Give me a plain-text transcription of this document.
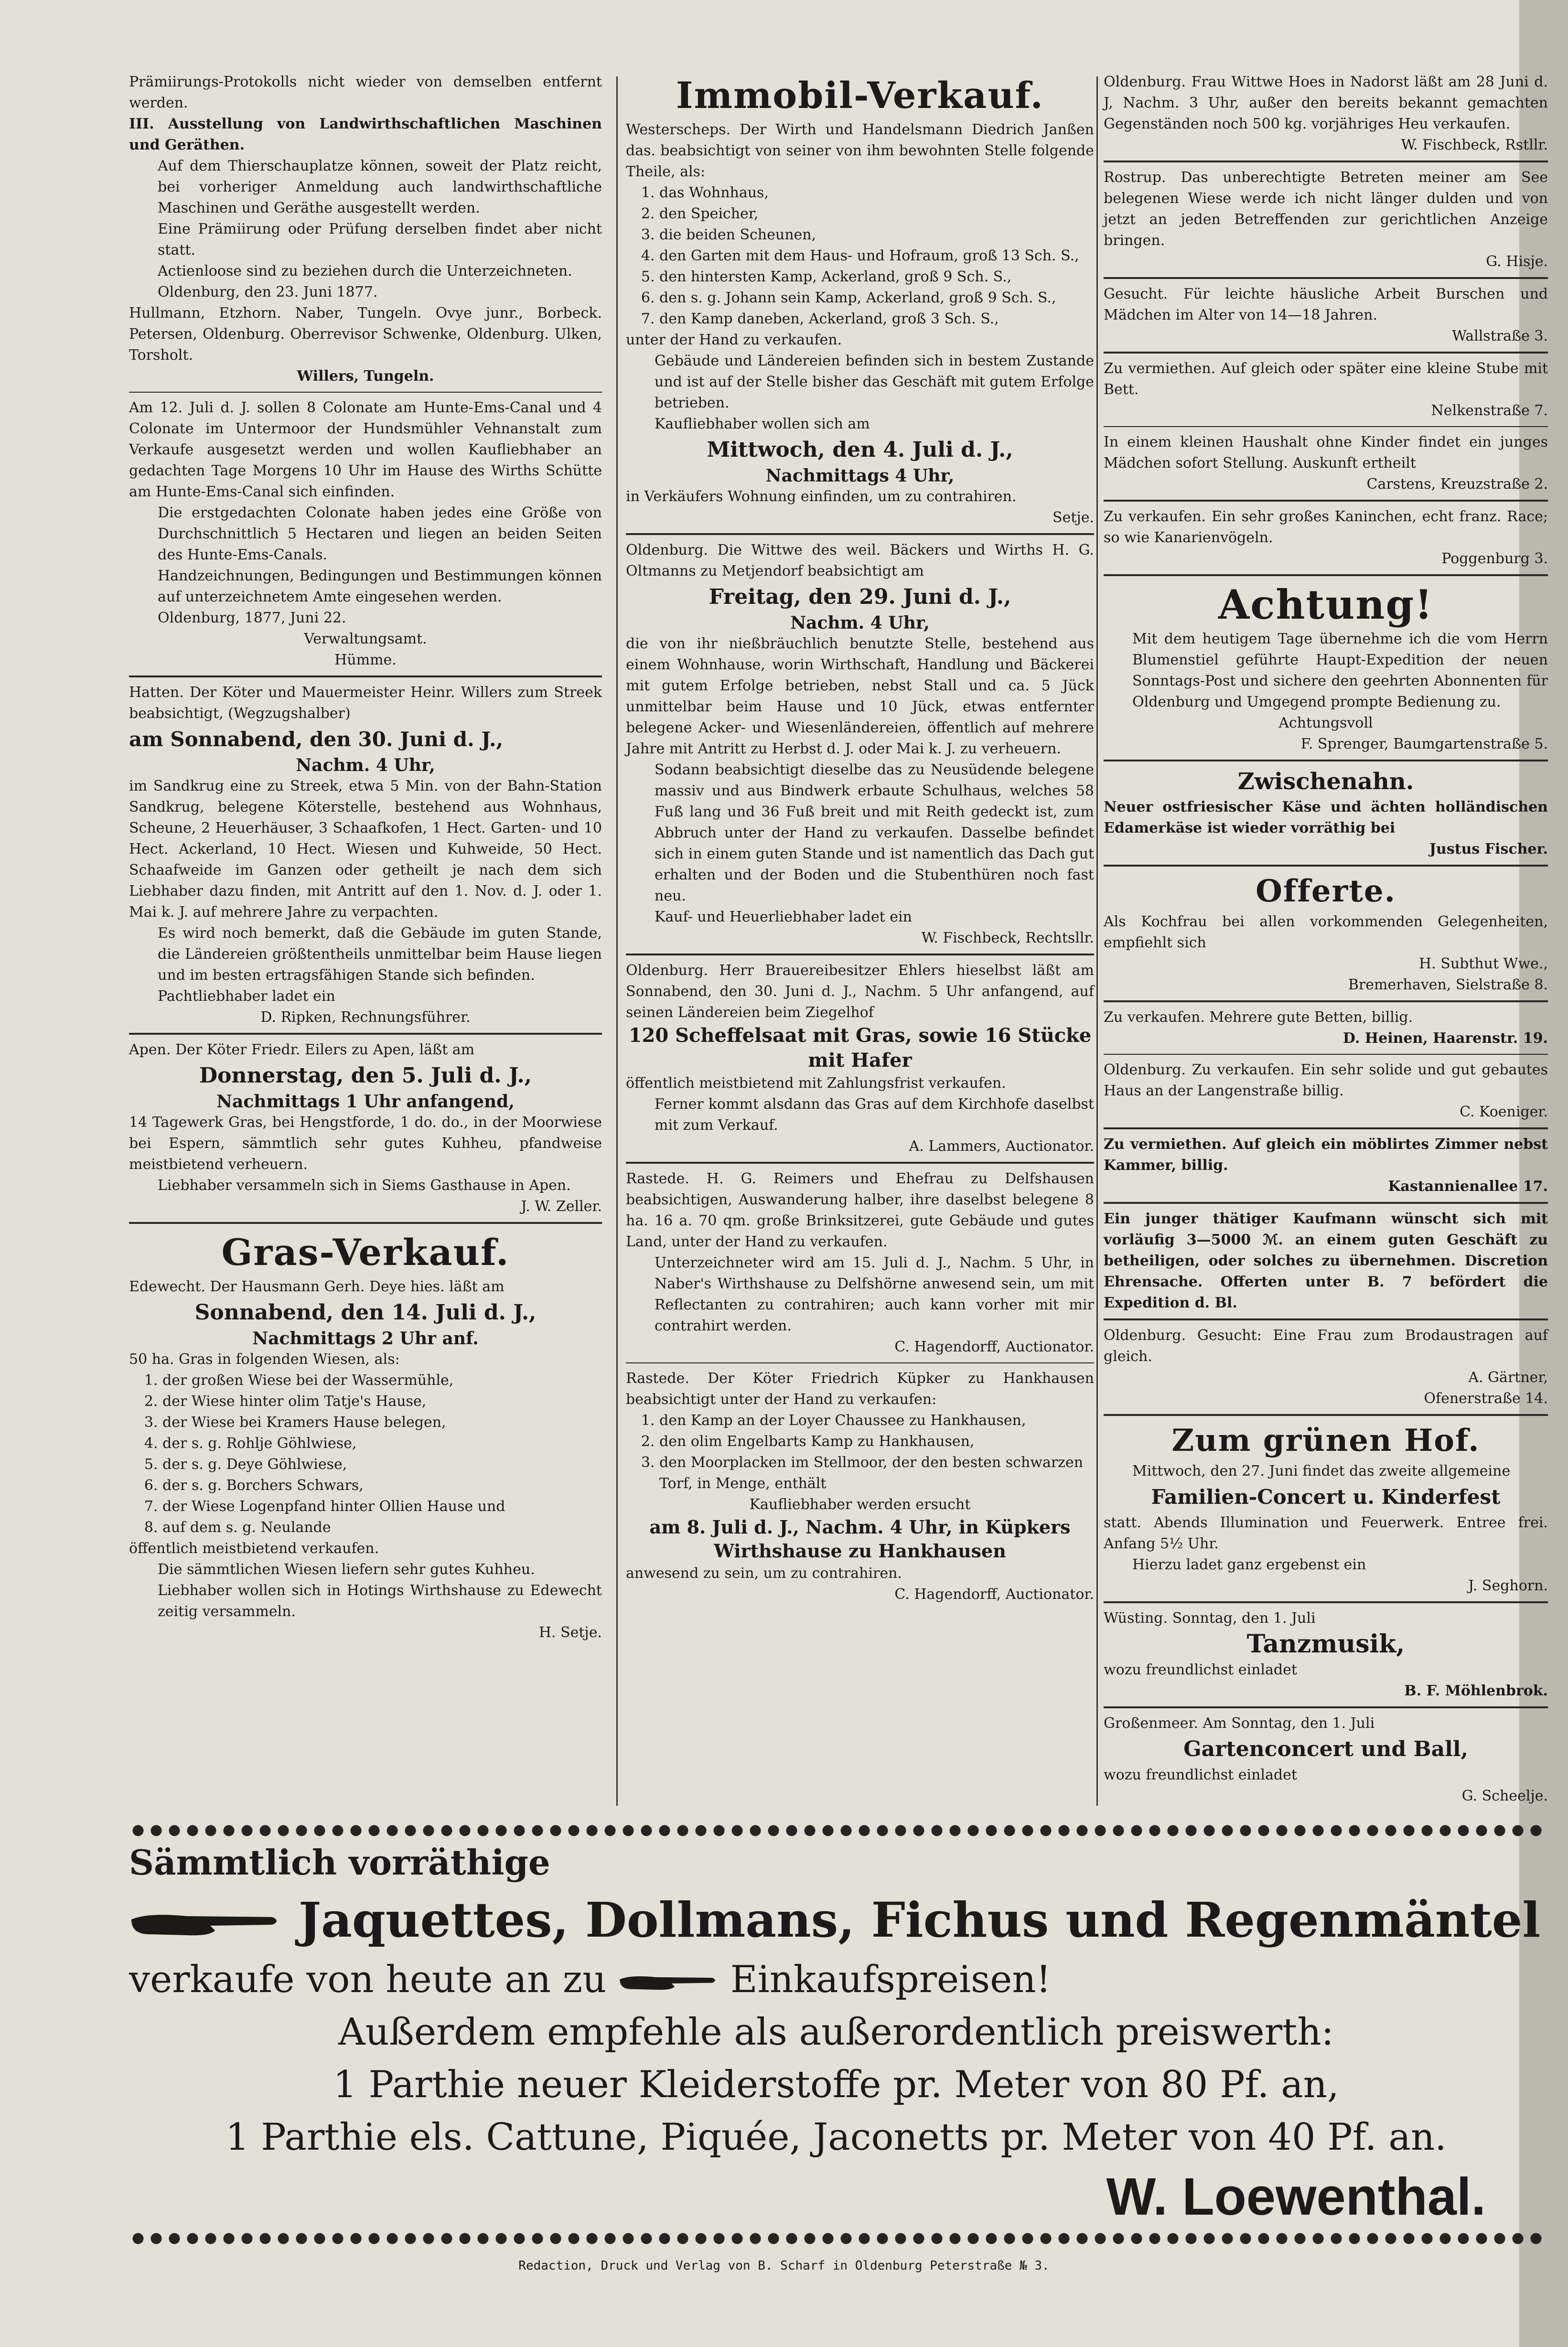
Prämiirungs-Protokolls nicht wieder von demselben entfernt werden.

III. Ausstellung von Landwirthschaftlichen Maschinen und Geräthen.

Auf dem Thierschauplatze können, soweit der Platz reicht, bei vorheriger Anmeldung auch landwirthschaftliche Maschinen und Geräthe ausgestellt werden.

Eine Prämiirung oder Prüfung derselben findet aber nicht statt.

Actienloose sind zu beziehen durch die Unterzeichneten.

Oldenburg, den 23. Juni 1877.

Hullmann, Etzhorn. Naber, Tungeln. Ovye junr., Borbeck. Petersen, Oldenburg. Oberrevisor Schwenke, Oldenburg. Ulken, Torsholt.

Willers, Tungeln.

Am 12. Juli d. J. sollen 8 Colonate am Hunte-Ems-Canal und 4 Colonate im Untermoor der Hundsmühler Vehnanstalt zum Verkaufe ausgesetzt werden und wollen Kaufliebhaber an gedachten Tage Morgens 10 Uhr im Hause des Wirths Schütte am Hunte-Ems-Canal sich einfinden.

Die erstgedachten Colonate haben jedes eine Größe von Durchschnittlich 5 Hectaren und liegen an beiden Seiten des Hunte-Ems-Canals.

Handzeichnungen, Bedingungen und Bestimmungen können auf unterzeichnetem Amte eingesehen werden.

Oldenburg, 1877, Juni 22.

Verwaltungsamt.

Hümme.

Hatten. Der Köter und Mauermeister Heinr. Willers zum Streek beabsichtigt, (Wegzugshalber)

am Sonnabend, den 30. Juni d. J.,

Nachm. 4 Uhr,

im Sandkrug eine zu Streek, etwa 5 Min. von der Bahn-Station Sandkrug, belegene Köterstelle, bestehend aus Wohnhaus, Scheune, 2 Heuerhäuser, 3 Schaafkofen, 1 Hect. Garten- und 10 Hect. Ackerland, 10 Hect. Wiesen und Kuhweide, 50 Hect. Schaafweide im Ganzen oder getheilt je nach dem sich Liebhaber dazu finden, mit Antritt auf den 1. Nov. d. J. oder 1. Mai k. J. auf mehrere Jahre zu verpachten.

Es wird noch bemerkt, daß die Gebäude im guten Stande, die Ländereien größtentheils unmittelbar beim Hause liegen und im besten ertragsfähigen Stande sich befinden.

Pachtliebhaber ladet ein

D. Ripken, Rechnungsführer.

Apen. Der Köter Friedr. Eilers zu Apen, läßt am

Donnerstag, den 5. Juli d. J.,

Nachmittags 1 Uhr anfangend,

14 Tagewerk Gras, bei Hengstforde, 1 do. do., in der Moorwiese bei Espern, sämmtlich sehr gutes Kuhheu, pfandweise meistbietend verheuern.

Liebhaber versammeln sich in Siems Gasthause in Apen.

J. W. Zeller.

Gras-Verkauf.

Edewecht. Der Hausmann Gerh. Deye hies. läßt am

Sonnabend, den 14. Juli d. J.,

Nachmittags 2 Uhr anf.

50 ha. Gras in folgenden Wiesen, als:

1. der großen Wiese bei der Wassermühle,
2. der Wiese hinter olim Tatje's Hause,
3. der Wiese bei Kramers Hause belegen,
4. der s. g. Rohlje Göhlwiese,
5. der s. g. Deye Göhlwiese,
6. der s. g. Borchers Schwars,
7. der Wiese Logenpfand hinter Ollien Hause und
8. auf dem s. g. Neulande

öffentlich meistbietend verkaufen.

Die sämmtlichen Wiesen liefern sehr gutes Kuhheu.

Liebhaber wollen sich in Hotings Wirthshause zu Edewecht zeitig versammeln.

H. Setje.

Immobil-Verkauf.

Westerscheps. Der Wirth und Handelsmann Diedrich Janßen das. beabsichtigt von seiner von ihm bewohnten Stelle folgende Theile, als:

1. das Wohnhaus,
2. den Speicher,
3. die beiden Scheunen,
4. den Garten mit dem Haus- und Hofraum, groß 13 Sch. S.,
5. den hintersten Kamp, Ackerland, groß 9 Sch. S.,
6. den s. g. Johann sein Kamp, Ackerland, groß 9 Sch. S.,
7. den Kamp daneben, Ackerland, groß 3 Sch. S.,

unter der Hand zu verkaufen.

Gebäude und Ländereien befinden sich in bestem Zustande und ist auf der Stelle bisher das Geschäft mit gutem Erfolge betrieben.

Kaufliebhaber wollen sich am

Mittwoch, den 4. Juli d. J.,

Nachmittags 4 Uhr,

in Verkäufers Wohnung einfinden, um zu contrahiren.

Setje.

Oldenburg. Die Wittwe des weil. Bäckers und Wirths H. G. Oltmanns zu Metjendorf beabsichtigt am

Freitag, den 29. Juni d. J.,

Nachm. 4 Uhr,

die von ihr nießbräuchlich benutzte Stelle, bestehend aus einem Wohnhause, worin Wirthschaft, Handlung und Bäckerei mit gutem Erfolge betrieben, nebst Stall und ca. 5 Jück unmittelbar beim Hause und 10 Jück, etwas entfernter belegene Acker- und Wiesenländereien, öffentlich auf mehrere Jahre mit Antritt zu Herbst d. J. oder Mai k. J. zu verheuern.

Sodann beabsichtigt dieselbe das zu Neusüdende belegene massiv und aus Bindwerk erbaute Schulhaus, welches 58 Fuß lang und 36 Fuß breit und mit Reith gedeckt ist, zum Abbruch unter der Hand zu verkaufen. Dasselbe befindet sich in einem guten Stande und ist namentlich das Dach gut erhalten und der Boden und die Stubenthüren noch fast neu.

Kauf- und Heuerliebhaber ladet ein

W. Fischbeck, Rechtsllr.

Oldenburg. Herr Brauereibesitzer Ehlers hieselbst läßt am Sonnabend, den 30. Juni d. J., Nachm. 5 Uhr anfangend, auf seinen Ländereien beim Ziegelhof

120 Scheffelsaat mit Gras, sowie 16 Stücke mit Hafer

öffentlich meistbietend mit Zahlungsfrist verkaufen.

Ferner kommt alsdann das Gras auf dem Kirchhofe daselbst mit zum Verkauf.

A. Lammers, Auctionator.

Rastede. H. G. Reimers und Ehefrau zu Delfshausen beabsichtigen, Auswanderung halber, ihre daselbst belegene 8 ha. 16 a. 70 qm. große Brinksitzerei, gute Gebäude und gutes Land, unter der Hand zu verkaufen.

Unterzeichneter wird am 15. Juli d. J., Nachm. 5 Uhr, in Naber's Wirthshause zu Delfshörne anwesend sein, um mit Reflectanten zu contrahiren; auch kann vorher mit mir contrahirt werden.

C. Hagendorff, Auctionator.

Rastede. Der Köter Friedrich Küpker zu Hankhausen beabsichtigt unter der Hand zu verkaufen:

1. den Kamp an der Loyer Chaussee zu Hankhausen,
2. den olim Engelbarts Kamp zu Hankhausen,
3. den Moorplacken im Stellmoor, der den besten schwarzen Torf, in Menge, enthält

Kaufliebhaber werden ersucht

am 8. Juli d. J., Nachm. 4 Uhr, in Küpkers Wirthshause zu Hankhausen

anwesend zu sein, um zu contrahiren.

C. Hagendorff, Auctionator.

Oldenburg. Frau Wittwe Hoes in Nadorst läßt am 28 Juni d. J, Nachm. 3 Uhr, außer den bereits bekannt gemachten Gegenständen noch 500 kg. vorjähriges Heu verkaufen.

W. Fischbeck, Rstllr.

Rostrup. Das unberechtigte Betreten meiner am See belegenen Wiese werde ich nicht länger dulden und von jetzt an jeden Betreffenden zur gerichtlichen Anzeige bringen.

G. Hisje.

Gesucht. Für leichte häusliche Arbeit Burschen und Mädchen im Alter von 14—18 Jahren.

Wallstraße 3.

Zu vermiethen. Auf gleich oder später eine kleine Stube mit Bett.

Nelkenstraße 7.

In einem kleinen Haushalt ohne Kinder findet ein junges Mädchen sofort Stellung. Auskunft ertheilt

Carstens, Kreuzstraße 2.

Zu verkaufen. Ein sehr großes Kaninchen, echt franz. Race; so wie Kanarienvögeln.

Poggenburg 3.

Achtung!

Mit dem heutigem Tage übernehme ich die vom Herrn Blumenstiel geführte Haupt-Expedition der neuen Sonntags-Post und sichere den geehrten Abonnenten für Oldenburg und Umgegend prompte Bedienung zu.

Achtungsvoll

F. Sprenger, Baumgartenstraße 5.

Zwischenahn.

Neuer ostfriesischer Käse und ächten holländischen Edamerkäse ist wieder vorräthig bei

Justus Fischer.

Offerte.

Als Kochfrau bei allen vorkommenden Gelegenheiten, empfiehlt sich

H. Subthut Wwe.,

Bremerhaven, Sielstraße 8.

Zu verkaufen. Mehrere gute Betten, billig.

D. Heinen, Haarenstr. 19.

Oldenburg. Zu verkaufen. Ein sehr solide und gut gebautes Haus an der Langenstraße billig.

C. Koeniger.

Zu vermiethen. Auf gleich ein möblirtes Zimmer nebst Kammer, billig.

Kastannienallee 17.

Ein junger thätiger Kaufmann wünscht sich mit vorläufig 3—5000 ℳ. an einem guten Geschäft zu betheiligen, oder solches zu übernehmen. Discretion Ehrensache. Offerten unter B. 7 befördert die Expedition d. Bl.

Oldenburg. Gesucht: Eine Frau zum Brodaustragen auf gleich.

A. Gärtner,

Ofenerstraße 14.

Zum grünen Hof.

Mittwoch, den 27. Juni findet das zweite allgemeine

Familien-Concert u. Kinderfest

statt. Abends Illumination und Feuerwerk. Entree frei. Anfang 5½ Uhr.

Hierzu ladet ganz ergebenst ein

J. Seghorn.

Wüsting. Sonntag, den 1. Juli

Tanzmusik,

wozu freundlichst einladet

B. F. Möhlenbrok.

Großenmeer. Am Sonntag, den 1. Juli

Gartenconcert und Ball,

wozu freundlichst einladet

G. Scheelje.

Sämmtlich vorräthige
Jaquettes, Dollmans, Fichus und Regenmäntel
verkaufe von heute an zu	Einkaufspreisen!
Außerdem empfehle als außerordentlich preiswerth:
1 Parthie neuer Kleiderstoffe pr. Meter von 80 Pf. an,
1 Parthie els. Cattune, Piquée, Jaconetts pr. Meter von 40 Pf. an.
W. Loewenthal.
Redaction, Druck und Verlag von B. Scharf in Oldenburg Peterstraße № 3.
